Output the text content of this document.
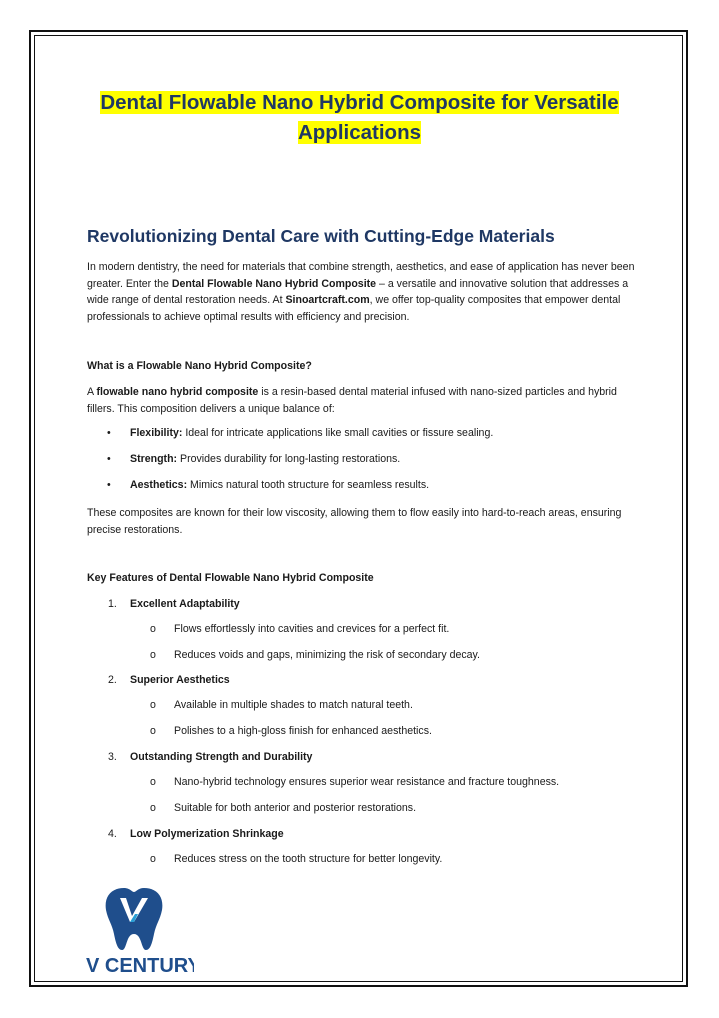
Dental Flowable Nano Hybrid Composite for Versatile Applications
Revolutionizing Dental Care with Cutting-Edge Materials
In modern dentistry, the need for materials that combine strength, aesthetics, and ease of application has never been greater. Enter the Dental Flowable Nano Hybrid Composite – a versatile and innovative solution that addresses a wide range of dental restoration needs. At Sinoartcraft.com, we offer top-quality composites that empower dental professionals to achieve optimal results with efficiency and precision.
What is a Flowable Nano Hybrid Composite?
A flowable nano hybrid composite is a resin-based dental material infused with nano-sized particles and hybrid fillers. This composition delivers a unique balance of:
• Flexibility: Ideal for intricate applications like small cavities or fissure sealing.
• Strength: Provides durability for long-lasting restorations.
• Aesthetics: Mimics natural tooth structure for seamless results.
These composites are known for their low viscosity, allowing them to flow easily into hard-to-reach areas, ensuring precise restorations.
Key Features of Dental Flowable Nano Hybrid Composite
1. Excellent Adaptability
o Flows effortlessly into cavities and crevices for a perfect fit.
o Reduces voids and gaps, minimizing the risk of secondary decay.
2. Superior Aesthetics
o Available in multiple shades to match natural teeth.
o Polishes to a high-gloss finish for enhanced aesthetics.
3. Outstanding Strength and Durability
o Nano-hybrid technology ensures superior wear resistance and fracture toughness.
o Suitable for both anterior and posterior restorations.
4. Low Polymerization Shrinkage
o Reduces stress on the tooth structure for better longevity.
V CENTURY
